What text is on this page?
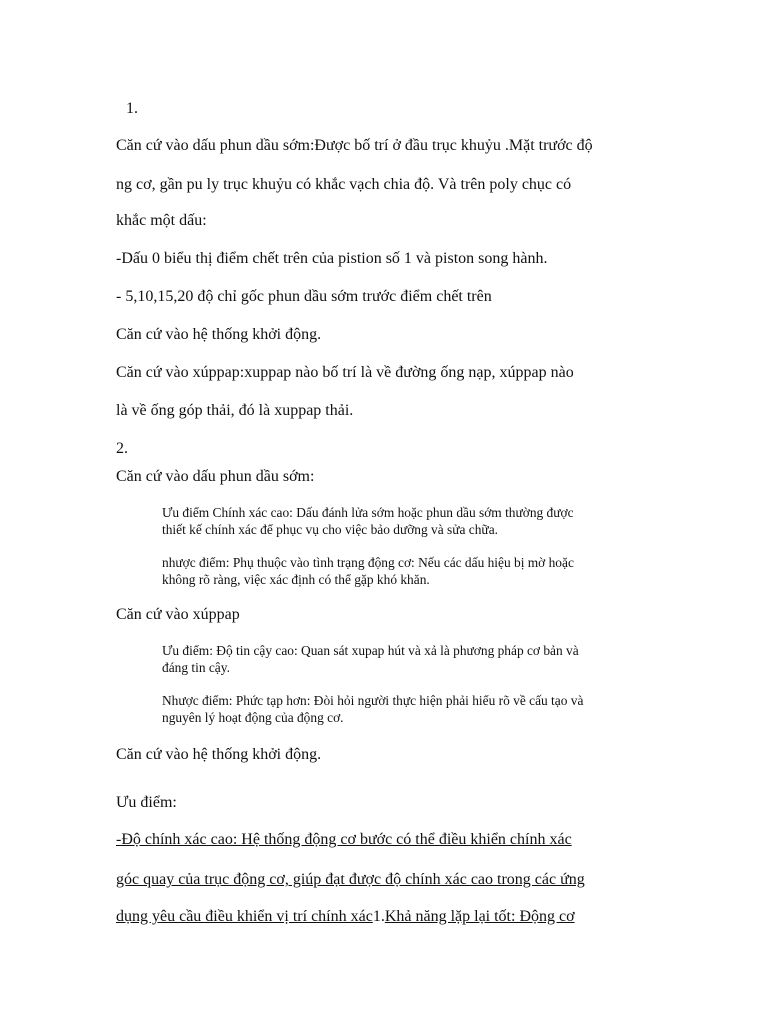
1.
Căn cứ vào dấu phun dầu sớm:Được bố trí ở đầu trục khuỷu .Mặt trước độ
ng cơ, gần pu ly trục khuỷu có khắc vạch chia độ. Và trên poly chục có
khắc một dấu:
-Dấu 0 biểu thị điểm chết trên của pistion số 1 và piston song hành.
- 5,10,15,20 độ chỉ gốc phun dầu sớm trước điểm chết trên
Căn cứ vào hệ thống khởi động.
Căn cứ vào xúppap:xuppap nào bố trí là về đường ống nạp, xúppap nào
là về ống góp thải, đó là xuppap thải.
2.
Căn cứ vào dấu phun dầu sớm:
Ưu điểm Chính xác cao: Dấu đánh lửa sớm hoặc phun dầu sớm thường được
thiết kế chính xác để phục vụ cho việc bảo dưỡng và sửa chữa.
nhược điểm: Phụ thuộc vào tình trạng động cơ: Nếu các dấu hiệu bị mờ hoặc
không rõ ràng, việc xác định có thể gặp khó khăn.
Căn cứ vào xúppap
Ưu điểm: Độ tin cậy cao: Quan sát xupap hút và xả là phương pháp cơ bản và
đáng tin cậy.
Nhược điểm: Phức tạp hơn: Đòi hỏi người thực hiện phải hiểu rõ về cấu tạo và
nguyên lý hoạt động của động cơ.
Căn cứ vào hệ thống khởi động.
Ưu điểm:
-Độ chính xác cao: Hệ thống động cơ bước có thể điều khiển chính xác
góc quay của trục động cơ, giúp đạt được độ chính xác cao trong các ứng
dụng yêu cầu điều khiển vị trí chính xác1.Khả năng lặp lại tốt: Động cơ
